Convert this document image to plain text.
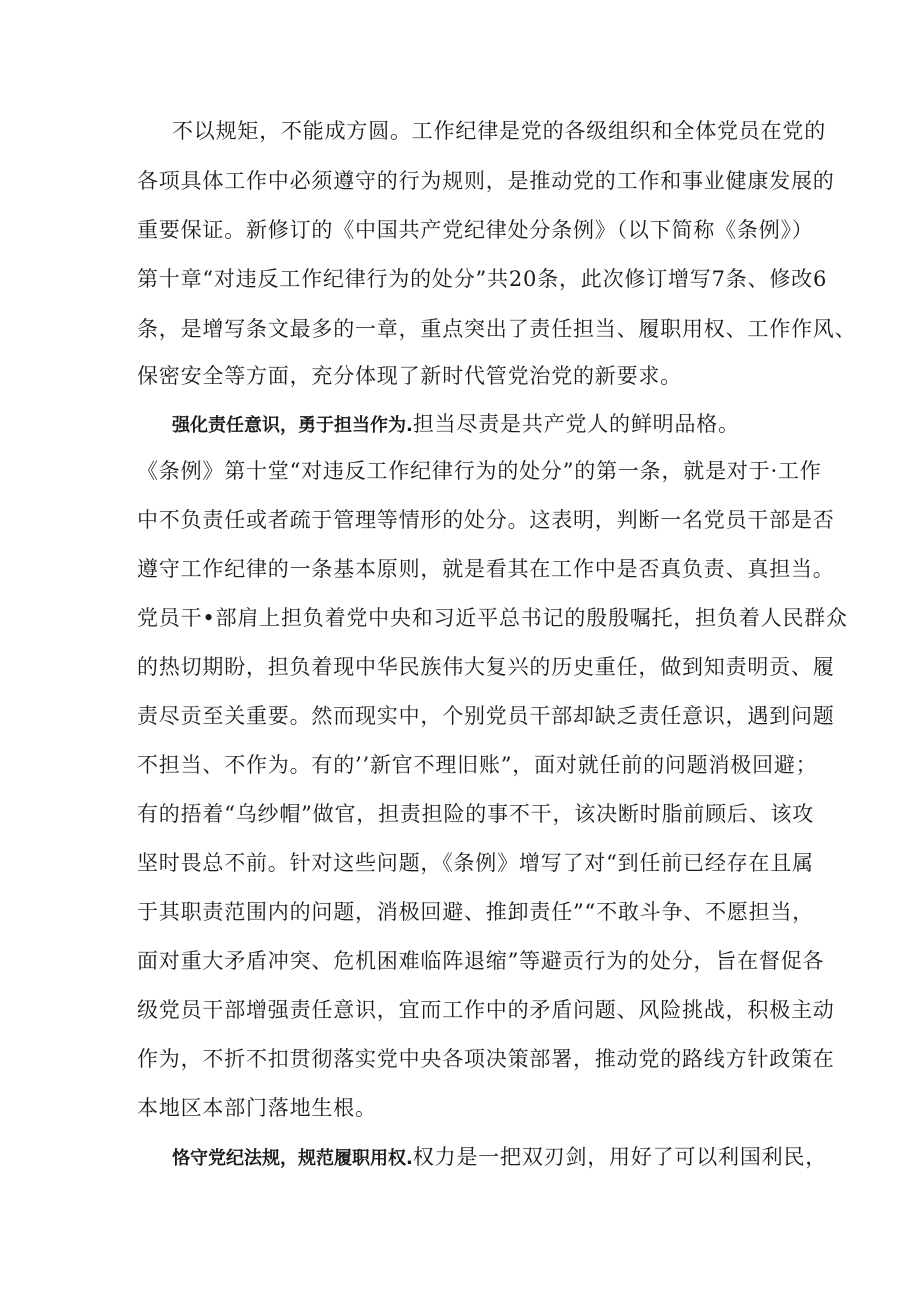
不以规矩，不能成方圆。工作纪律是党的各级组织和全体党员在党的
各项具体工作中必须遵守的行为规则，是推动党的工作和事业健康发展的
重要保证。新修订的《中国共产党纪律处分条例》（以下简称《条例》）
第十章“对违反工作纪律行为的处分”共20条，此次修订增写7条、修改6
条，是增写条文最多的一章，重点突出了责任担当、履职用权、工作作风、
保密安全等方面，充分体现了新时代管党治党的新要求。
强化责任意识，勇于担当作为.担当尽责是共产党人的鲜明品格。
《条例》第十堂“对违反工作纪律行为的处分”的第一条，就是对于·工作
中不负责任或者疏于管理等情形的处分。这表明，判断一名党员干部是否
遵守工作纪律的一条基本原则，就是看其在工作中是否真负责、真担当。
党员干•部肩上担负着党中央和习近平总书记的殷殷嘱托，担负着人民群众
的热切期盼，担负着现中华民族伟大复兴的历史重任，做到知责明贡、履
责尽贡至关重要。然而现实中，个别党员干部却缺乏责任意识，遇到问题
不担当、不作为。有的’’新官不理旧账”，面对就任前的问题消极回避；
有的捂着“乌纱帽”做官，担责担险的事不干，该决断时脂前顾后、该攻
坚时畏总不前。针对这些问题，《条例》增写了对“到任前已经存在且属
于其职责范围内的问题，消极回避、推卸责任”“不敢斗争、不愿担当，
面对重大矛盾冲突、危机困难临阵退缩”等避贡行为的处分，旨在督促各
级党员干部增强责任意识，宜而工作中的矛盾问题、风险挑战，积极主动
作为，不折不扣贯彻落实党中央各项决策部署，推动党的路线方针政策在
本地区本部门落地生根。
恪守党纪法规，规范履职用权.权力是一把双刃剑，用好了可以利国利民，
